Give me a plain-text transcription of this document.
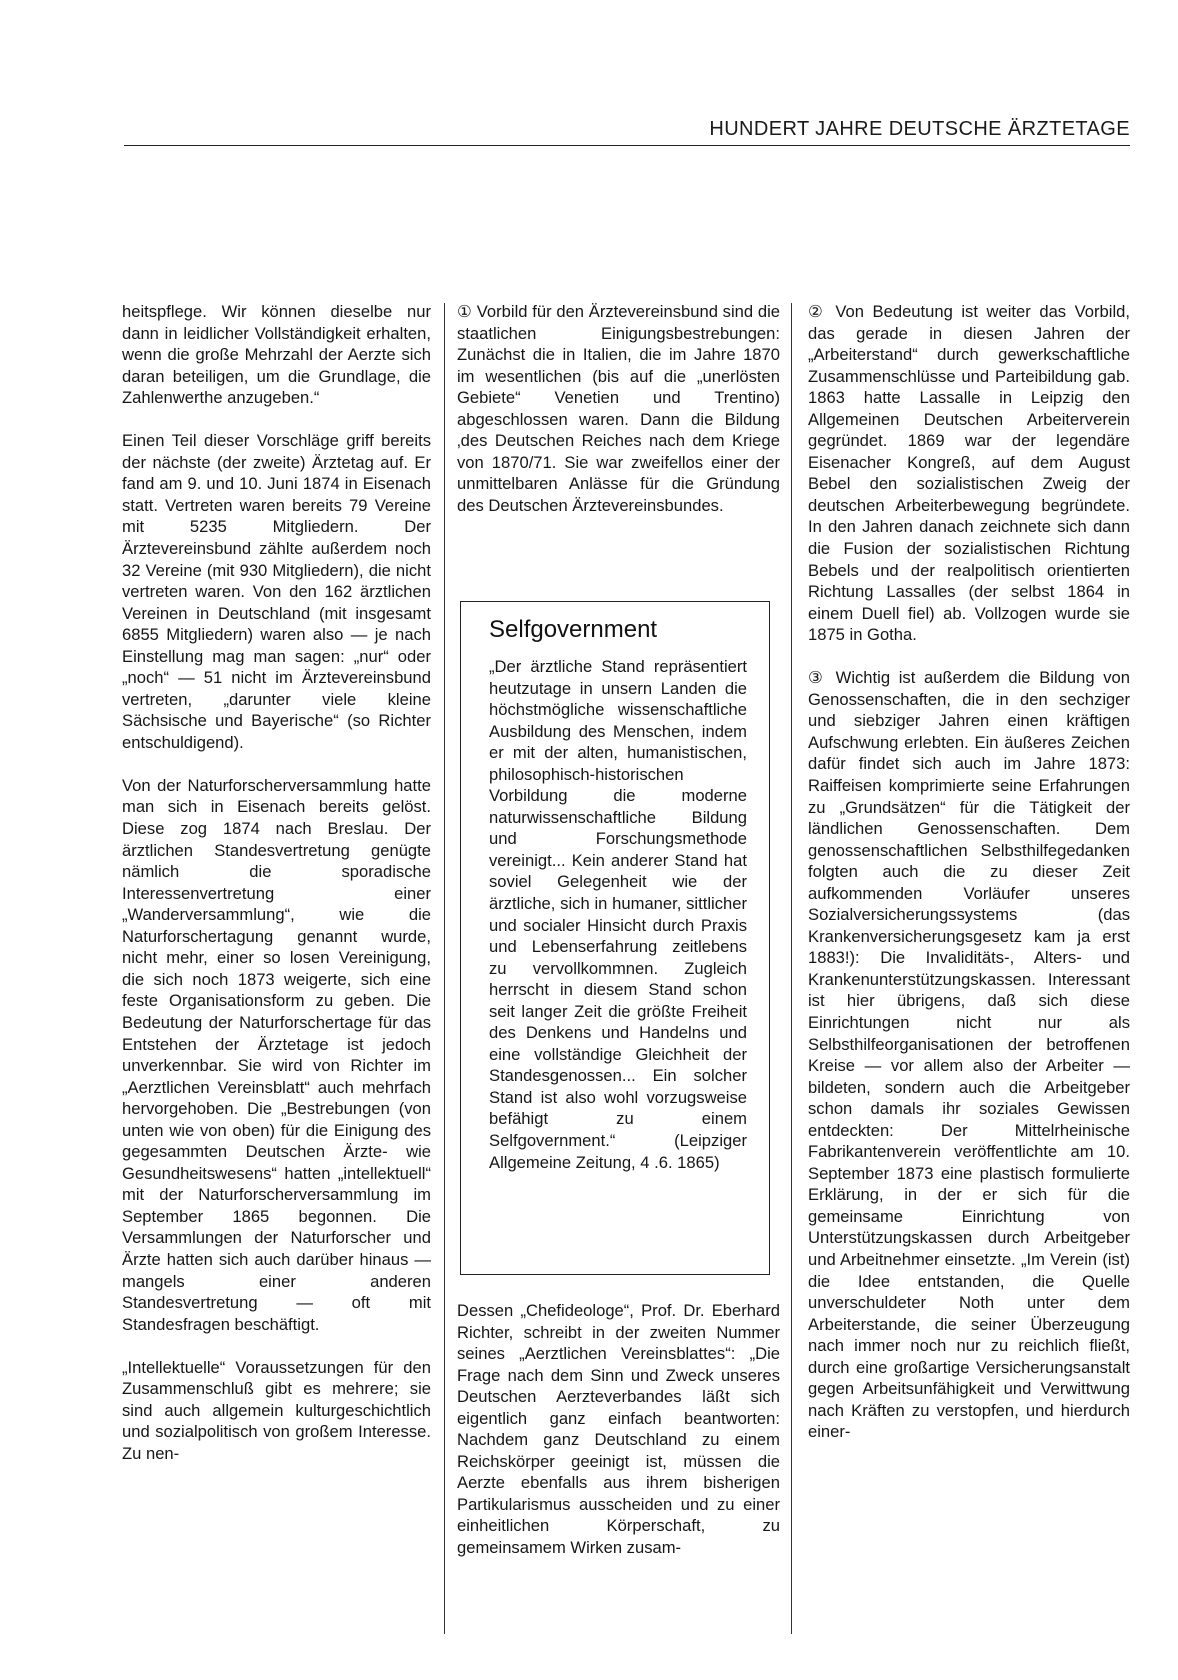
HUNDERT JAHRE DEUTSCHE ÄRZTETAGE

heitspflege. Wir können dieselbe nur dann in leidlicher Vollständigkeit erhalten, wenn die große Mehrzahl der Aerzte sich daran beteiligen, um die Grundlage, die Zahlenwerthe anzugeben.“

Einen Teil dieser Vorschläge griff bereits der nächste (der zweite) Ärztetag auf. Er fand am 9. und 10. Juni 1874 in Eisenach statt. Vertreten waren bereits 79 Vereine mit 5235 Mitgliedern. Der Ärztevereinsbund zählte außerdem noch 32 Vereine (mit 930 Mitgliedern), die nicht vertreten waren. Von den 162 ärztlichen Vereinen in Deutschland (mit insgesamt 6855 Mitgliedern) waren also — je nach Einstellung mag man sagen: „nur“ oder „noch“ — 51 nicht im Ärztevereinsbund vertreten, „darunter viele kleine Sächsische und Bayerische“ (so Richter entschuldigend).

Von der Naturforscherversammlung hatte man sich in Eisenach bereits gelöst. Diese zog 1874 nach Breslau. Der ärztlichen Standesvertretung genügte nämlich die sporadische Interessenvertretung einer „Wanderversammlung“, wie die Naturforschertagung genannt wurde, nicht mehr, einer so losen Vereinigung, die sich noch 1873 weigerte, sich eine feste Organisationsform zu geben. Die Bedeutung der Naturforschertage für das Entstehen der Ärztetage ist jedoch unverkennbar. Sie wird von Richter im „Aerztlichen Vereinsblatt“ auch mehrfach hervorgehoben. Die „Bestrebungen (von unten wie von oben) für die Einigung des gegesammten Deutschen Ärzte- wie Gesundheitswesens“ hatten „intellektuell“ mit der Naturforscherversammlung im September 1865 begonnen. Die Versammlungen der Naturforscher und Ärzte hatten sich auch darüber hinaus — mangels einer anderen Standesvertretung — oft mit Standesfragen beschäftigt.

„Intellektuelle“ Voraussetzungen für den Zusammenschluß gibt es mehrere; sie sind auch allgemein kulturgeschichtlich und sozialpolitisch von großem Interesse. Zu nen-

① Vorbild für den Ärztevereinsbund sind die staatlichen Einigungsbestrebungen: Zunächst die in Italien, die im Jahre 1870 im wesentlichen (bis auf die „unerlösten Gebiete“ Venetien und Trentino) abgeschlossen waren. Dann die Bildung ‚des Deutschen Reiches nach dem Kriege von 1870/71. Sie war zweifellos einer der unmittelbaren Anlässe für die Gründung des Deutschen Ärztevereinsbundes.

Selfgovernment

„Der ärztliche Stand repräsentiert heutzutage in unsern Landen die höchstmögliche wissenschaftliche Ausbildung des Menschen, indem er mit der alten, humanistischen, philosophisch-historischen Vorbildung die moderne naturwissenschaftliche Bildung und Forschungsmethode vereinigt... Kein anderer Stand hat soviel Gelegenheit wie der ärztliche, sich in humaner, sittlicher und socialer Hinsicht durch Praxis und Lebenserfahrung zeitlebens zu vervollkommnen. Zugleich herrscht in diesem Stand schon seit langer Zeit die größte Freiheit des Denkens und Handelns und eine vollständige Gleichheit der Standesgenossen... Ein solcher Stand ist also wohl vorzugsweise befähigt zu einem Selfgovernment.“ (Leipziger Allgemeine Zeitung, 4 .6. 1865)

Dessen „Chefideologe“, Prof. Dr. Eberhard Richter, schreibt in der zweiten Nummer seines „Aerztlichen Vereinsblattes“: „Die Frage nach dem Sinn und Zweck unseres Deutschen Aerzteverbandes läßt sich eigentlich ganz einfach beantworten: Nachdem ganz Deutschland zu einem Reichskörper geeinigt ist, müssen die Aerzte ebenfalls aus ihrem bisherigen Partikularismus ausscheiden und zu einer einheitlichen Körperschaft, zu gemeinsamem Wirken zusam-

② Von Bedeutung ist weiter das Vorbild, das gerade in diesen Jahren der „Arbeiterstand“ durch gewerkschaftliche Zusammenschlüsse und Parteibildung gab. 1863 hatte Lassalle in Leipzig den Allgemeinen Deutschen Arbeiterverein gegründet. 1869 war der legendäre Eisenacher Kongreß, auf dem August Bebel den sozialistischen Zweig der deutschen Arbeiterbewegung begründete. In den Jahren danach zeichnete sich dann die Fusion der sozialistischen Richtung Bebels und der realpolitisch orientierten Richtung Lassalles (der selbst 1864 in einem Duell fiel) ab. Vollzogen wurde sie 1875 in Gotha.

③ Wichtig ist außerdem die Bildung von Genossenschaften, die in den sechziger und siebziger Jahren einen kräftigen Aufschwung erlebten. Ein äußeres Zeichen dafür findet sich auch im Jahre 1873: Raiffeisen komprimierte seine Erfahrungen zu „Grundsätzen“ für die Tätigkeit der ländlichen Genossenschaften. Dem genossenschaftlichen Selbsthilfegedanken folgten auch die zu dieser Zeit aufkommenden Vorläufer unseres Sozialversicherungssystems (das Krankenversicherungsgesetz kam ja erst 1883!): Die Invaliditäts-, Alters- und Krankenunterstützungskassen. Interessant ist hier übrigens, daß sich diese Einrichtungen nicht nur als Selbsthilfeorganisationen der betroffenen Kreise — vor allem also der Arbeiter — bildeten, sondern auch die Arbeitgeber schon damals ihr soziales Gewissen entdeckten: Der Mittelrheinische Fabrikantenverein veröffentlichte am 10. September 1873 eine plastisch formulierte Erklärung, in der er sich für die gemeinsame Einrichtung von Unterstützungskassen durch Arbeitgeber und Arbeitnehmer einsetzte. „Im Verein (ist) die Idee entstanden, die Quelle unverschuldeter Noth unter dem Arbeiterstande, die seiner Überzeugung nach immer noch nur zu reichlich fließt, durch eine großartige Versicherungsanstalt gegen Arbeitsunfähigkeit und Verwittwung nach Kräften zu verstopfen, und hierdurch einer-
